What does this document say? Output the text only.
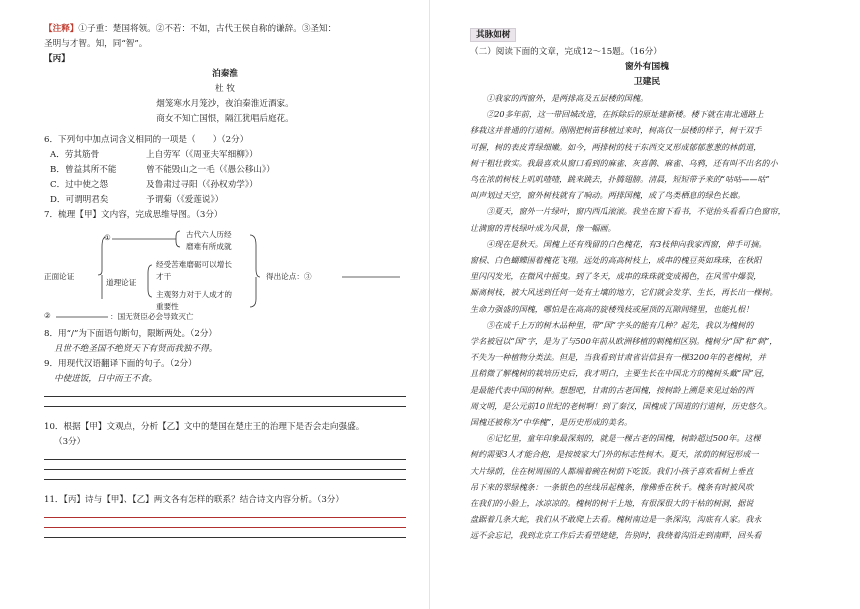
【注释】①子重：楚国将领。②不若：不如，古代王侯自称的谦辞。③圣知：

圣明与才智。知，同“智”。

【丙】

泊秦淮

杜 牧

烟笼寒水月笼沙，夜泊秦淮近酒家。

商女不知亡国恨，隔江犹唱后庭花。

6．下列句中加点词含义相同的一项是（　　）（2分）

A．劳其筋骨	上自劳军（《周亚夫军细柳》）
B．曾益其所不能	曾不能毁山之一毛（《愚公移山》）
C．过中使之怨	及鲁肃过寻阳（《孙权劝学》）
D．可谓明君矣	予谓菊（《爱莲说》）

7．梳理【甲】文内容，完成思维导图。（3分）

正面论证
①	古代六人历经
磨难有所成就
道理论证
经受苦难磨砺可以增长
才干
主观努力对于人成才的
重要性
得出论点：③
②	：国无贤臣必会导致灭亡

8．用“/”为下面语句断句，限断两处。（2分）

且世不绝圣国不绝贤天下有贤而我独不得。

9．用现代汉语翻译下面的句子。（2分）

中使进饭，日中而王不食。

10．根据【甲】文观点，分析【乙】文中的楚国在楚庄王的治理下是否会走向强盛。

（3分）

11．【丙】诗与【甲】、【乙】两文各有怎样的联系？结合诗文内容分析。（3分）

其脉如树

（二）阅读下面的文章，完成12～15题。（16分）

窗外有国槐

卫建民

①我家的西窗外，是两排高及五层楼的国槐。

②20多年前，这一带回城改造，在拆除后的原址建新楼。楼下就在南北通路上

移栽这并普通的行道树。刚刚把树苗移植过来时，树高仅一层楼的样子，树干双手

可握，树的表皮青绿细嫩。如今，两排树的枝干东西交叉形成郁郁葱葱的林荫道，

树干粗壮敦实。我最喜欢从窗口看到的麻雀、灰喜鹊、麻雀、乌鸦，还有叫不出名的小

鸟在浓荫树枝上叽叽喳喳，跳来跳去，扑腾翅膀。清晨，短短带予来的“咕咕——咕”

叫声划过天空，窗外树枝就有了响动。两排国槐，成了鸟类栖息的绿色长廊。

③夏天，窗外一片绿叶，窗内西瓜滚滚。我坐在窗下看书，不觉抬头看看白色窗帘，

让满窗的青枝绿叶成为风景，像一幅画。

④现在是秋天。国槐上还有残留的白色槐花，有3枝伸向我家西窗，伸手可摘。

窗棂、白色蝴蝶围着槐花飞翔。远处的高高树枝上，成串的槐豆英如珠珠，在秋阳

里闪闪发光，在微风中摇曳。到了冬天，成串的珠珠就变成褐色，在风雪中爆裂，

厮离树枝，被大风送到任何一处有土壤的地方，它们就会发芽、生长，再长出一棵树。

生命力强盛的国槐，哪怕是在高高的旋楼残枝或屋顶的瓦隙间缝里，也能扎根！

⑤在成千上万的树木品种里，带“国”字头的能有几种？起先，我以为槐树的

学名被冠以“国”字，是为了与500年前从欧洲移植的刺槐相区别。槐树分“国”和“刺”，

不失为一种植物分类法。但是，当我看到甘肃省岩信县有一棵3200年的老槐树，并

且稍微了解槐树的栽培历史后，我才明白，主要生长在中国北方的槐树头戴“国”冠，

是最能代表中国的树种。想想吧，甘肃的古老国槐，按树龄上溯是来见过始的西

周文明，是公元前10世纪的老树啊！到了秦汉，国槐成了国道的行道树，历史悠久。

国槐还被称为“中华槐”，是历史形成的美名。

⑥记忆里，童年印象最深刻的，就是一棵古老的国槐，树龄超过500年。这棵

树约需要3人才能合抱，是按坡家大门外的标志性树木。夏天，浓荫的树冠形成一

大片绿荫，住在树周围的人都端着碗在树荫下吃饭。我们小孩子喜欢看树上垂直

吊下来的翠绿槐条：一条银色的丝线吊起槐条，像佛垂在秋千。槐条有时被风吹

在我们的小脸上，冰凉凉的。槐树的树干上地，有很深很大的干枯的树洞，据说

盘踞着几条大蛇，我们从不敢爬上去看。槐树南边是一条深沟，沟底有人家。我永

远不会忘记，我到北京工作后去看望姥姥，告别时，我绕着沟沿走到南畔，回头看
